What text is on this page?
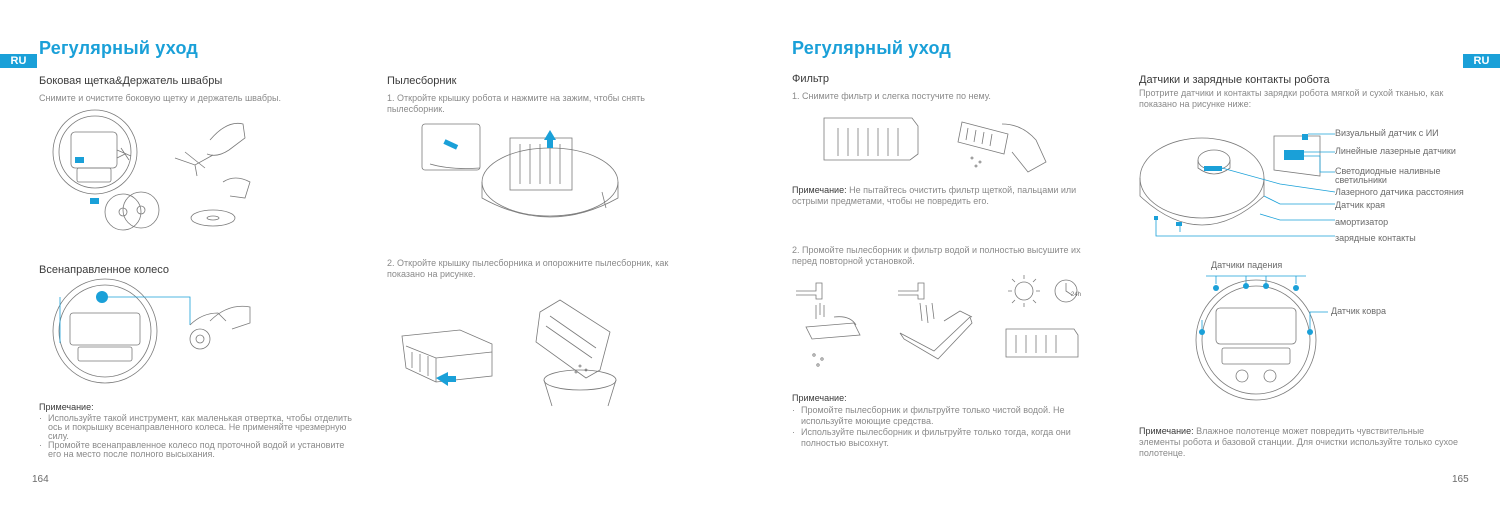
RU
Регулярный уход
Боковая щетка&Держатель швабры
Снимите и очистите боковую щетку и держатель швабры.
Всенаправленное колесо
Примечание:
· Используйте такой инструмент, как маленькая отвертка, чтобы отделить ось и покрышку всенаправленного колеса. Не применяйте чрезмерную силу.
· Промойте всенаправленное колесо под проточной водой и установите его на место после полного высыхания.
Пылесборник
1. Откройте крышку робота и нажмите на зажим, чтобы снять пылесборник.
2. Откройте крышку пылесборника и опорожните пылесборник, как показано на рисунке.
164
RU
Регулярный уход
Фильтр
1. Снимите фильтр и слегка постучите по нему.
Примечание: Не пытайтесь очистить фильтр щеткой, пальцами или острыми предметами, чтобы не повредить его.
2. Промойте пылесборник и фильтр водой и полностью высушите их перед повторной установкой.
24h
Примечание:
· Промойте пылесборник и фильтруйте только чистой водой. Не используйте моющие средства.
· Используйте пылесборник и фильтруйте только тогда, когда они полностью высохнут.
Датчики и зарядные контакты робота
Протрите датчики и контакты зарядки робота мягкой и сухой тканью, как показано на рисунке ниже:
Визуальный датчик с ИИ
Линейные лазерные датчики
Светодиодные наливные светильники
Лазерного датчика расстояния
Датчик края
амортизатор
зарядные контакты
Датчики падения
Датчик ковра
Примечание: Влажное полотенце может повредить чувствительные элементы робота и базовой станции. Для очистки используйте только сухое полотенце.
165
